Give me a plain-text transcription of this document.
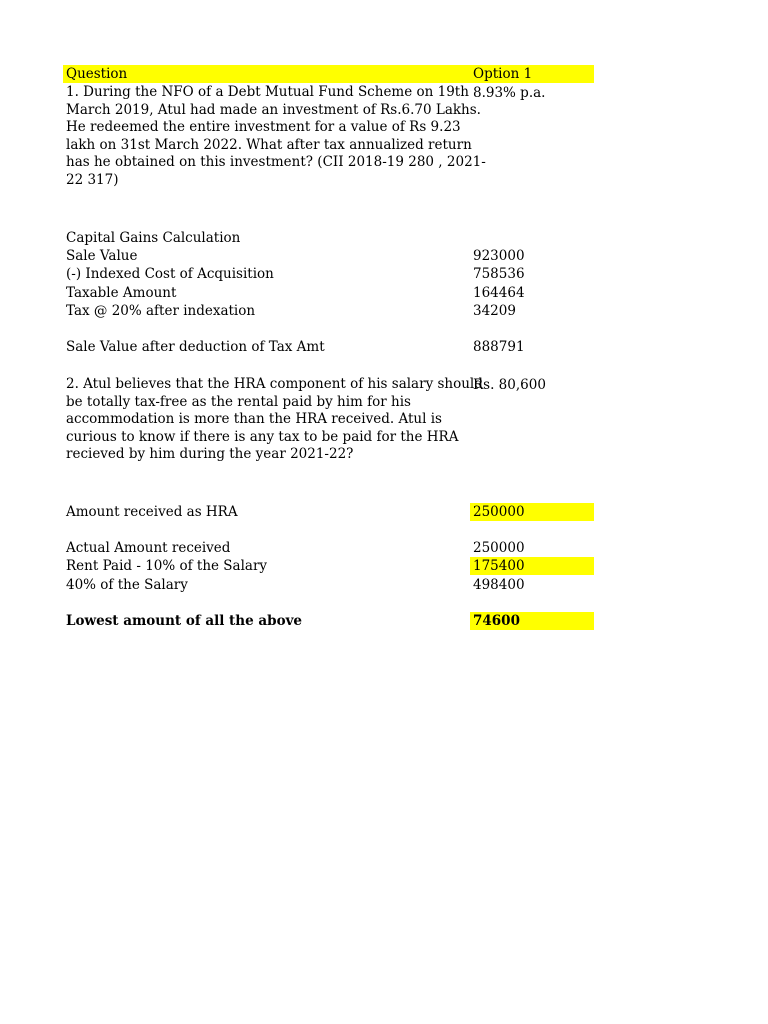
Question	Option 1
1. During the NFO of a Debt Mutual Fund Scheme on 19th
March 2019, Atul had made an investment of Rs.6.70 Lakhs.
He redeemed the entire investment for a value of Rs 9.23
lakh on 31st March 2022. What after tax annualized return
has he obtained on this investment? (CII 2018-19 280 , 2021-
22 317)
8.93% p.a.
Capital Gains Calculation
Sale Value	923000
(-) Indexed Cost of Acquisition	758536
Taxable Amount	164464
Tax @ 20% after indexation	34209
Sale Value after deduction of Tax Amt	888791
2. Atul believes that the HRA component of his salary should
be totally tax-free as the rental paid by him for his
accommodation is more than the HRA received. Atul is
curious to know if there is any tax to be paid for the HRA
recieved by him during the year 2021-22?
Rs. 80,600
Amount received as HRA	250000
Actual Amount received	250000
Rent Paid - 10% of the Salary	175400
40% of the Salary	498400
Lowest amount of all the above	74600
